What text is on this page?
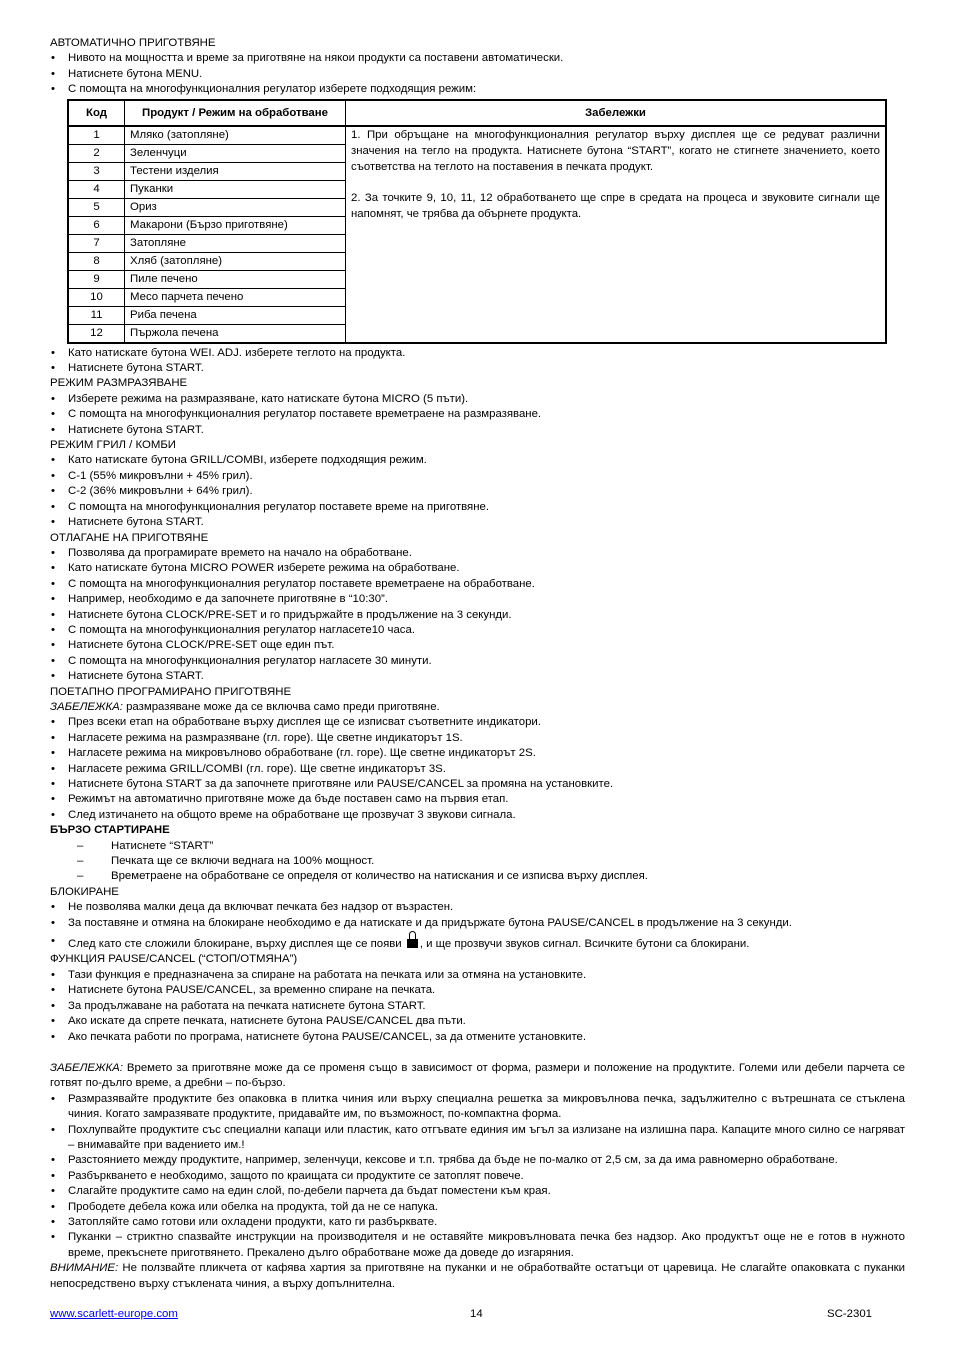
АВТОМАТИЧНО ПРИГОТВЯНЕ

• Нивото на мощността и време за приготвяне на някои продукти са поставени автоматически.

• Натиснете бутона MENU.

• С помощта на многофункционалния регулатор изберете подходящия режим:

Код	Продукт / Режим на обработване	Забележки
1	Мляко (затопляне)	1. При обръщане на многофункционалния регулатор върху дисплея ще се редуват различни значения на тегло на продукта. Натиснете бутона “START”, когато не стигнете значението, което съответства на теглото на поставения в печката продукт.

2. За точките 9, 10, 11, 12 обработването ще спре в средата на процеса и звуковите сигнали ще напомнят, че трябва да обърнете продукта.

2	Зеленчуци	
3	Тестени изделия	
4	Пуканки	
5	Ориз	
6	Макарони (Бързо приготвяне)	
7	Затопляне	
8	Хляб (затопляне)	
9	Пиле печено	
10	Месо парчета печено	
11	Риба печена	
12	Пържола печена	

• Като натискате бутона WEI. ADJ. изберете теглото на продукта.

• Натиснете бутона START.

РЕЖИМ РАЗМРАЗЯВАНЕ

• Изберете режима на размразяване, като натискате бутона MICRO (5 пъти).

• С помощта на многофункционалния регулатор поставете времетраене на размразяване.

• Натиснете бутона START.

РЕЖИМ ГРИЛ / КОМБИ

• Като натискате бутона GRILL/COMBI, изберете подходящия режим.

• C-1 (55% микровълни + 45% грил).

• C-2 (36% микровълни + 64% грил).

• С помощта на многофункционалния регулатор поставете време на приготвяне.

• Натиснете бутона START.

ОТЛАГАНЕ НА ПРИГОТВЯНЕ

• Позволява да програмирате времето на начало на обработване.

• Като натискате бутона MICRO POWER изберете режима на обработване.

• С помощта на многофункционалния регулатор поставете времетраене на обработване.

• Например, необходимо е да започнете приготвяне в “10:30”.

• Натиснете бутона CLOCK/PRE-SET и го придържайте в продължение на 3 секунди.

• С помощта на многофункционалния регулатор нагласете10 часа.

• Натиснете бутона CLOCK/PRE-SET още един път.

• С помощта на многофункционалния регулатор нагласете 30 минути.

• Натиснете бутона START.

ПОЕТАПНО ПРОГРАМИРАНО ПРИГОТВЯНЕ

ЗАБЕЛЕЖКА: размразяване може да се включва само преди приготвяне.

• През всеки етап на обработване върху дисплея ще се изписват съответните индикатори.

• Нагласете режима на размразяване (гл. горе). Ще светне индикаторът 1S.

• Нагласете режима на микровълново обработване (гл. горе). Ще светне индикаторът 2S.

• Нагласете режима GRILL/COMBI (гл. горе). Ще светне индикаторът 3S.

• Натиснете бутона START за да започнете приготвяне или PAUSE/CANCEL за промяна на установките.

• Режимът на автоматично приготвяне може да бъде поставен само на първия етап.

• След изтичането на общото време на обработване ще прозвучат 3 звукови сигнала.

БЪРЗО СТАРТИРАНЕ

– Натиснете “START”

– Печката ще се включи веднага на 100% мощност.

– Времетраене на обработване се определя от количество на натискания и се изписва върху дисплея.

БЛОКИРАНЕ

• Не позволява малки деца да включват печката без надзор от възрастен.

• За поставяне и отмяна на блокиране необходимо е да натискате и да придържате бутона PAUSE/CANCEL в продължение на 3 секунди.

• След като сте сложили блокиране, върху дисплея ще се появи , и ще прозвучи звуков сигнал. Всичките бутони са блокирани.

ФУНКЦИЯ PAUSE/CANCEL (“СТОП/ОТМЯНА”)

• Тази функция е предназначена за спиране на работата на печката или за отмяна на установките.

• Натиснете бутона PAUSE/CANCEL, за временно спиране на печката.

• За продължаване на работата на печката натиснете бутона START.

• Ако искате да спрете печката, натиснете бутона PAUSE/CANCEL два пъти.

• Ако печката работи по програма, натиснете бутона PAUSE/CANCEL, за да отмените установките.

ЗАБЕЛЕЖКА: Времето за приготвяне може да се променя също в зависимост от форма, размери и положение на продуктите. Големи или дебели парчета се готвят по-дълго време, а дребни – по-бързо.

• Размразявайте продуктите без опаковка в плитка чиния или върху специална решетка за микровълнова печка, задължително с вътрешната се стъклена чиния. Когато замразявате продуктите, придавайте им, по възможност, по-компактна форма.

• Похлупвайте продуктите със специални капаци или пластик, като отгъвате единия им ъгъл за излизане на излишна пара. Капаците много силно се нагряват – внимавайте при вадението им.!

• Разстоянието между продуктите, например, зеленчуци, кексове и т.п. трябва да бъде не по-малко от 2,5 см, за да има равномерно обработване.

• Разбъркването е необходимо, защото по краищата си продуктите се затоплят повече.

• Слагайте продуктите само на един слой, по-дебели парчета да бъдат поместени към края.

• Прободете дебела кожа или обелка на продукта, той да не се напука.

• Затопляйте само готови или охладени продукти, като ги разбърквате.

• Пуканки – стриктно спазвайте инструкции на производителя и не оставяйте микровълновата печка без надзор. Ако продуктът още не е готов в нужното време, прекъснете приготвянето. Прекалено дълго обработване може да доведе до изгаряния.

ВНИМАНИЕ: Не ползвайте пликчета от кафява хартия за приготвяне на пуканки и не обработвайте остатъци от царевица. Не слагайте опаковката с пуканки непосредствено върху стъклената чиния, а върху допълнителна.

www.scarlett-europe.com	14	SC-2301
